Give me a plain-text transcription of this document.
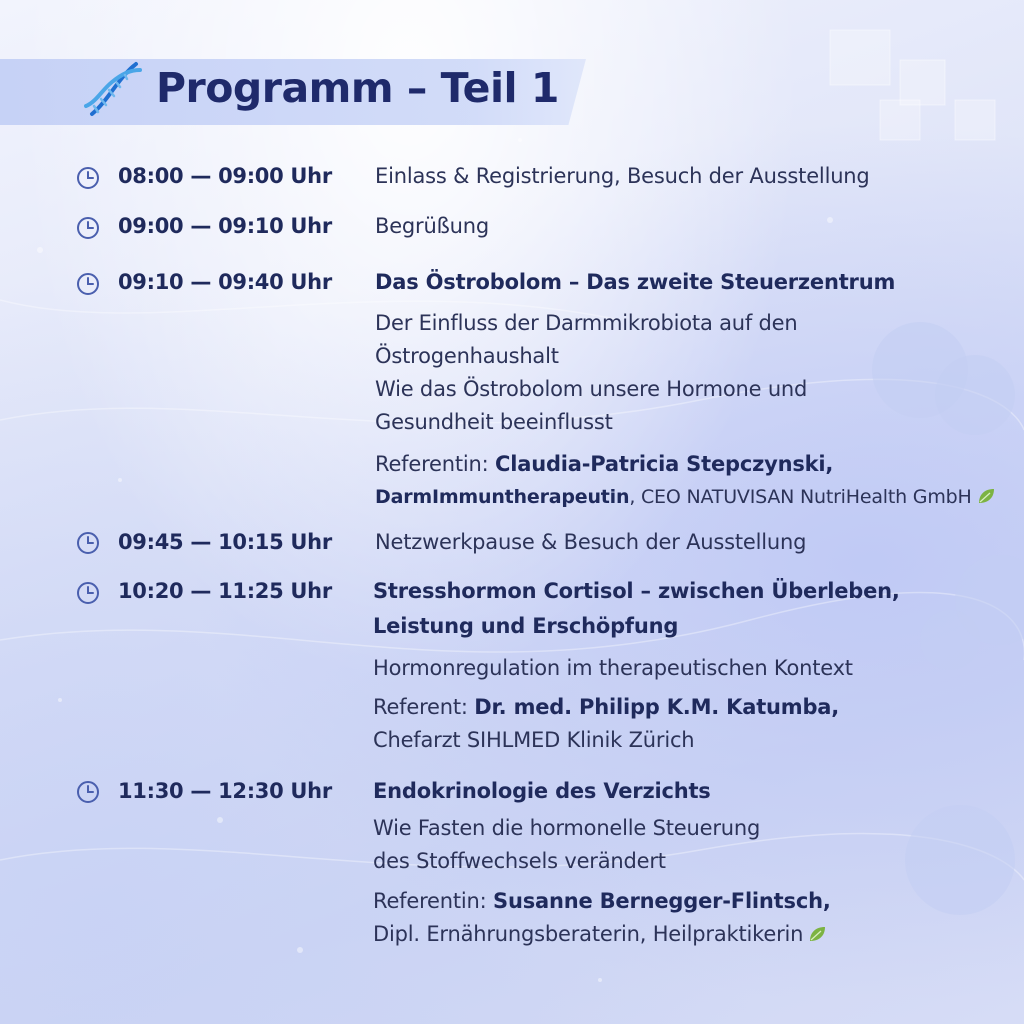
Programm – Teil 1
08:00 — 09:00 Uhr Einlass & Registrierung, Besuch der Ausstellung
09:00 — 09:10 Uhr Begrüßung
09:10 — 09:40 Uhr Das Östrobolom – Das zweite Steuerzentrum
Der Einfluss der Darmmikrobiota auf den
Östrogenhaushalt
Wie das Östrobolom unsere Hormone und
Gesundheit beeinflusst
Referentin: Claudia-Patricia Stepczynski,
DarmImmuntherapeutin, CEO NATUVISAN NutriHealth GmbH
09:45 — 10:15 Uhr Netzwerkpause & Besuch der Ausstellung
10:20 — 11:25 Uhr Stresshormon Cortisol – zwischen Überleben,
Leistung und Erschöpfung
Hormonregulation im therapeutischen Kontext
Referent: Dr. med. Philipp K.M. Katumba,
Chefarzt SIHLMED Klinik Zürich
11:30 — 12:30 Uhr Endokrinologie des Verzichts
Wie Fasten die hormonelle Steuerung
des Stoffwechsels verändert
Referentin: Susanne Bernegger-Flintsch,
Dipl. Ernährungsberaterin, Heilpraktikerin
